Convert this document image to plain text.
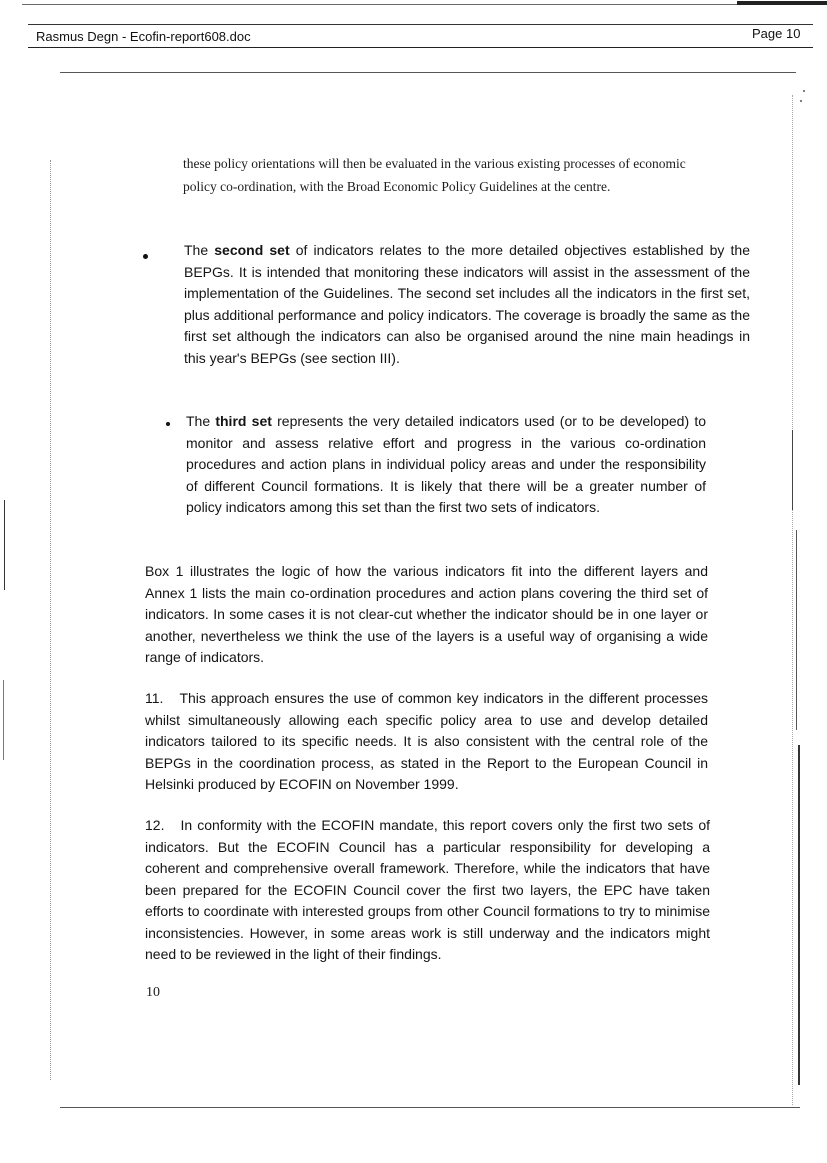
Rasmus Degn - Ecofin-report608.doc	Page 10

these policy orientations will then be evaluated in the various existing processes of economic policy co-ordination, with the Broad Economic Policy Guidelines at the centre.

The second set of indicators relates to the more detailed objectives established by the BEPGs. It is intended that monitoring these indicators will assist in the assessment of the implementation of the Guidelines. The second set includes all the indicators in the first set, plus additional performance and policy indicators. The coverage is broadly the same as the first set although the indicators can also be organised around the nine main headings in this year's BEPGs (see section III).

The third set represents the very detailed indicators used (or to be developed) to monitor and assess relative effort and progress in the various co-ordination procedures and action plans in individual policy areas and under the responsibility of different Council formations. It is likely that there will be a greater number of policy indicators among this set than the first two sets of indicators.

Box 1 illustrates the logic of how the various indicators fit into the different layers and Annex 1 lists the main co-ordination procedures and action plans covering the third set of indicators. In some cases it is not clear-cut whether the indicator should be in one layer or another, nevertheless we think the use of the layers is a useful way of organising a wide range of indicators.

11. This approach ensures the use of common key indicators in the different processes whilst simultaneously allowing each specific policy area to use and develop detailed indicators tailored to its specific needs. It is also consistent with the central role of the BEPGs in the coordination process, as stated in the Report to the European Council in Helsinki produced by ECOFIN on November 1999.

12. In conformity with the ECOFIN mandate, this report covers only the first two sets of indicators. But the ECOFIN Council has a particular responsibility for developing a coherent and comprehensive overall framework. Therefore, while the indicators that have been prepared for the ECOFIN Council cover the first two layers, the EPC have taken efforts to coordinate with interested groups from other Council formations to try to minimise inconsistencies. However, in some areas work is still underway and the indicators might need to be reviewed in the light of their findings.

10
